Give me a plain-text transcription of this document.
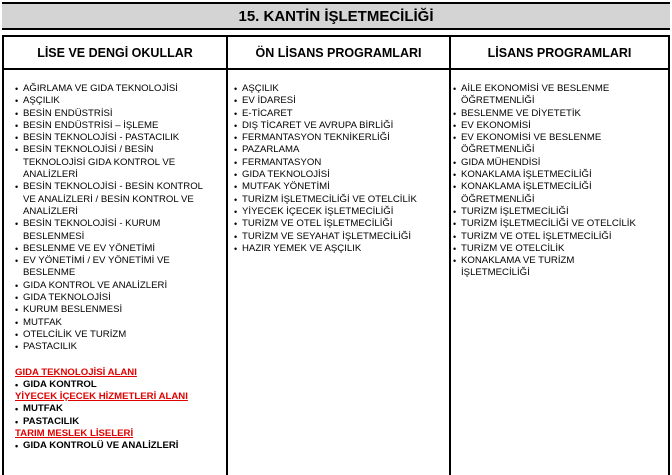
15. KANTİN İŞLETMECİLİĞİ
LİSE VE DENGİ OKULLAR	ÖN LİSANS PROGRAMLARI	LİSANS PROGRAMLARI
• AĞIRLAMA VE GIDA TEKNOLOJİSİ
• AŞÇILIK
• BESİN ENDÜSTRİSİ
• BESİN ENDÜSTRİSİ – İŞLEME
• BESİN TEKNOLOJİSİ - PASTACILIK
• BESİN TEKNOLOJİSİ / BESİN
TEKNOLOJİSİ GIDA KONTROL VE
ANALİZLERİ
• BESİN TEKNOLOJİSİ - BESİN KONTROL
VE ANALİZLERİ / BESİN KONTROL VE
ANALİZLERİ
• BESİN TEKNOLOJİSİ - KURUM
BESLENMESİ
• BESLENME VE EV YÖNETİMİ
• EV YÖNETİMİ / EV YÖNETİMİ VE
BESLENME
• GIDA KONTROL VE ANALİZLERİ
• GIDA TEKNOLOJİSİ
• KURUM BESLENMESİ
• MUTFAK
• OTELCİLİK VE TURİZM
• PASTACILIK
GIDA TEKNOLOJİSİ ALANI
• GIDA KONTROL
YİYECEK İÇECEK HİZMETLERİ ALANI
• MUTFAK
• PASTACILIK
TARIM MESLEK LİSELERİ
• GIDA KONTROLÜ VE ANALİZLERİ
• AŞÇILIK
• EV İDARESİ
• E-TİCARET
• DIŞ TİCARET VE AVRUPA BİRLİĞİ
• FERMANTASYON TEKNİKERLİĞİ
• PAZARLAMA
• FERMANTASYON
• GIDA TEKNOLOJİSİ
• MUTFAK YÖNETİMİ
• TURİZM İŞLETMECİLİĞİ VE OTELCİLİK
• YİYECEK İÇECEK İŞLETMECİLİĞİ
• TURİZM VE OTEL İŞLETMECİLİĞİ
• TURİZM VE SEYAHAT İŞLETMECİLİĞİ
• HAZIR YEMEK VE AŞÇILIK
• AİLE EKONOMİSİ VE BESLENME
ÖĞRETMENLİĞİ
• BESLENME VE DİYETETİK
• EV EKONOMİSİ
• EV EKONOMİSİ VE BESLENME
ÖĞRETMENLİĞİ
• GIDA MÜHENDİSİ
• KONAKLAMA İŞLETMECİLİĞİ
• KONAKLAMA İŞLETMECİLİĞİ
ÖĞRETMENLİĞİ
• TURİZM İŞLETMECİLİĞİ
• TURİZM İŞLETMECİLİĞİ VE OTELCİLİK
• TURİZM VE OTEL İŞLETMECİLİĞİ
• TURİZM VE OTELCİLİK
• KONAKLAMA VE TURİZM
İŞLETMECİLİĞİ
